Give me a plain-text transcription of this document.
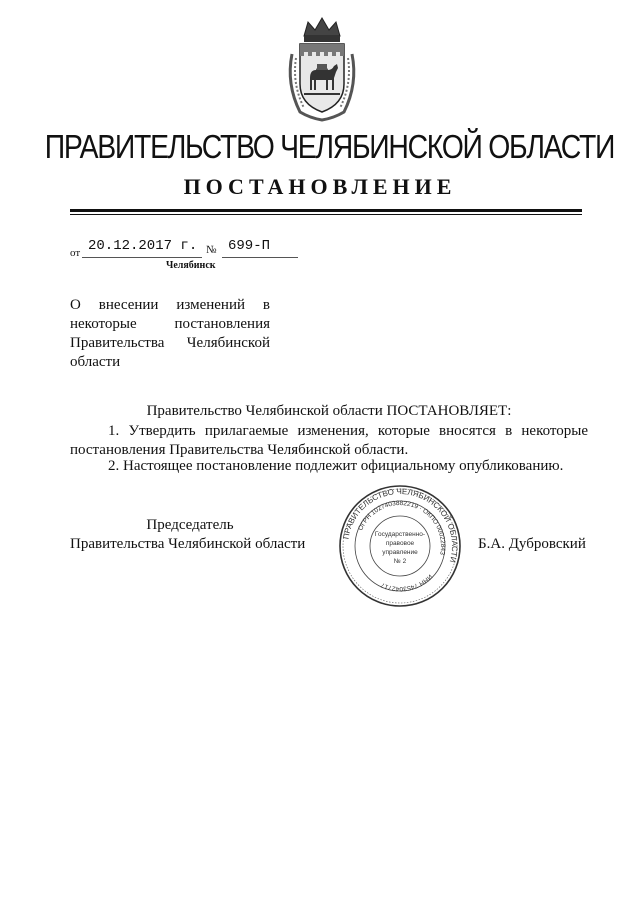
ПРАВИТЕЛЬСТВО ЧЕЛЯБИНСКОЙ ОБЛАСТИ
ПОСТАНОВЛЕНИЕ
от 20.12.2017 г. № 699-П
Челябинск
О внесении изменений в
некоторые постановления
Правительства Челябинской
области
Правительство Челябинской области ПОСТАНОВЛЯЕТ:
1. Утвердить прилагаемые изменения, которые вносятся в некоторые постановления Правительства Челябинской области.
2. Настоящее постановление подлежит официальному опубликованию.
Председатель
Правительства Челябинской области	Б.А. Дубровский
ПРАВИТЕЛЬСТВО ЧЕЛЯБИНСКОЙ ОБЛАСТИ
ОГРН 1027403882219 · ОКПО 00022843
ИНН 7453042717
Государственно-
правовое
управление
№ 2
